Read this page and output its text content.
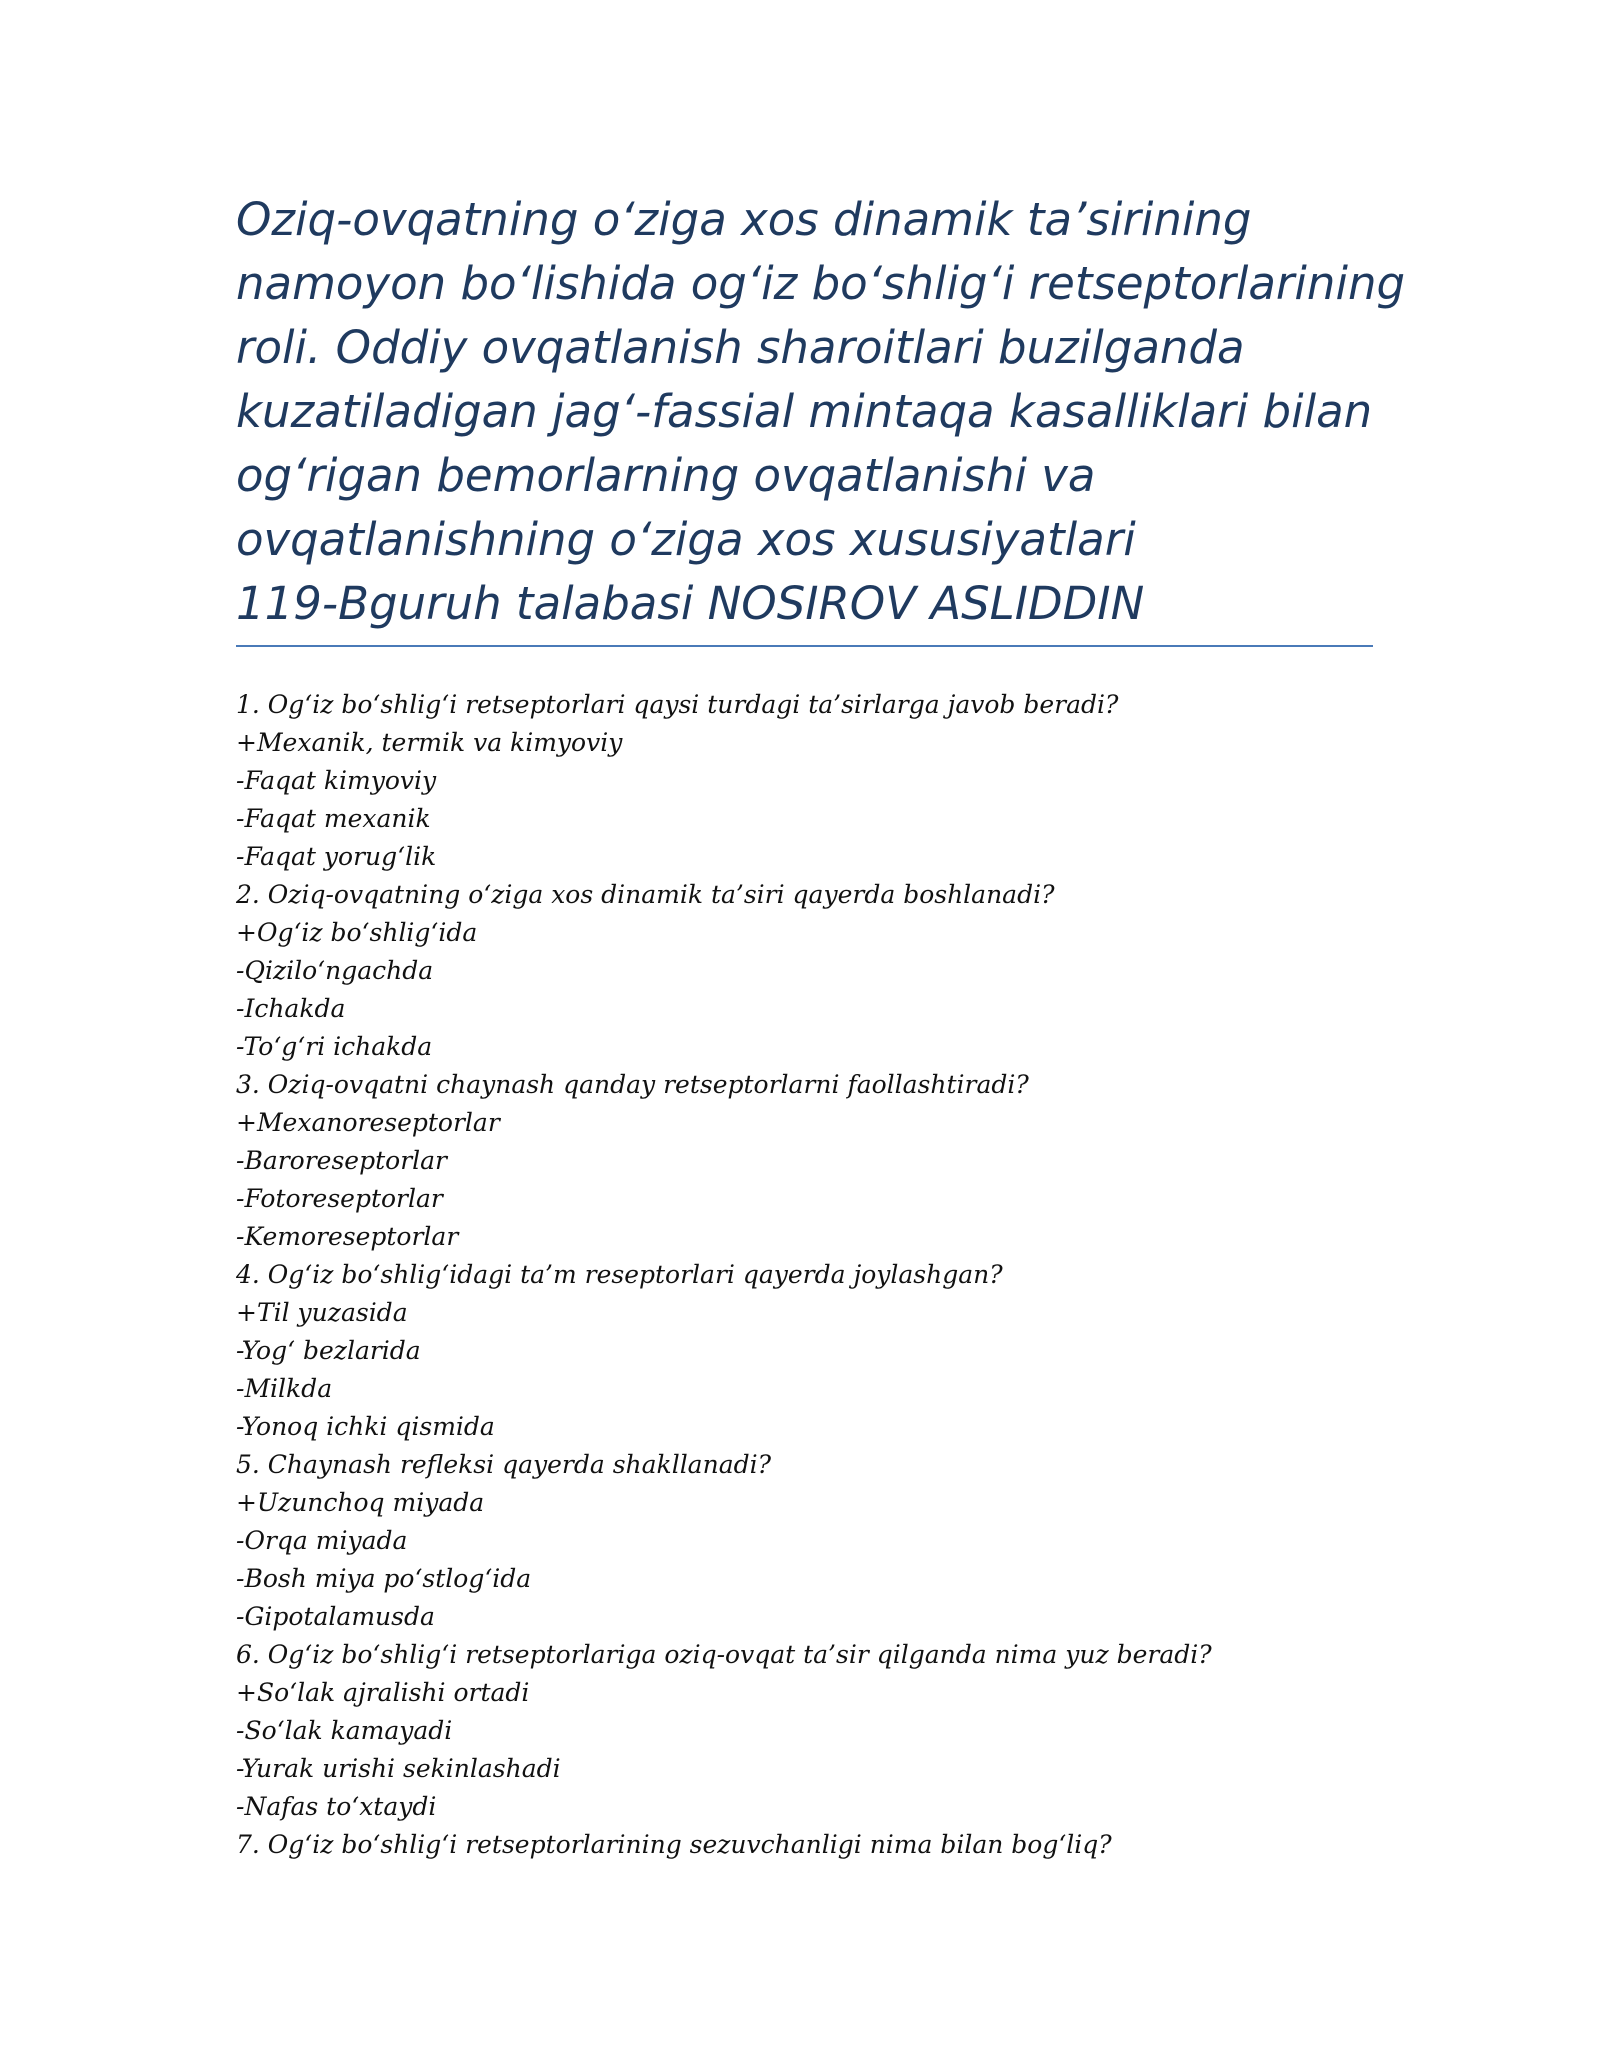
Oziq-ovqatning o‘ziga xos dinamik ta’sirining

namoyon bo‘lishida og‘iz bo‘shlig‘i retseptorlarining

roli. Oddiy ovqatlanish sharoitlari buzilganda

kuzatiladigan jag‘-fassial mintaqa kasalliklari bilan

og‘rigan bemorlarning ovqatlanishi va

ovqatlanishning o‘ziga xos xususiyatlari

119-Bguruh talabasi NOSIROV ASLIDDIN

1. Og‘iz bo‘shlig‘i retseptorlari qaysi turdagi ta’sirlarga javob beradi?

+Mexanik, termik va kimyoviy

-Faqat kimyoviy

-Faqat mexanik

-Faqat yorug‘lik

2. Oziq-ovqatning o‘ziga xos dinamik ta’siri qayerda boshlanadi?

+Og‘iz bo‘shlig‘ida

-Qizilo‘ngachda

-Ichakda

-To‘g‘ri ichakda

3. Oziq-ovqatni chaynash qanday retseptorlarni faollashtiradi?

+Mexanoreseptorlar

-Baroreseptorlar

-Fotoreseptorlar

-Kemoreseptorlar

4. Og‘iz bo‘shlig‘idagi ta’m reseptorlari qayerda joylashgan?

+Til yuzasida

-Yog‘ bezlarida

-Milkda

-Yonoq ichki qismida

5. Chaynash refleksi qayerda shakllanadi?

+Uzunchoq miyada

-Orqa miyada

-Bosh miya po‘stlog‘ida

-Gipotalamusda

6. Og‘iz bo‘shlig‘i retseptorlariga oziq-ovqat ta’sir qilganda nima yuz beradi?

+So‘lak ajralishi ortadi

-So‘lak kamayadi

-Yurak urishi sekinlashadi

-Nafas to‘xtaydi

7. Og‘iz bo‘shlig‘i retseptorlarining sezuvchanligi nima bilan bog‘liq?
